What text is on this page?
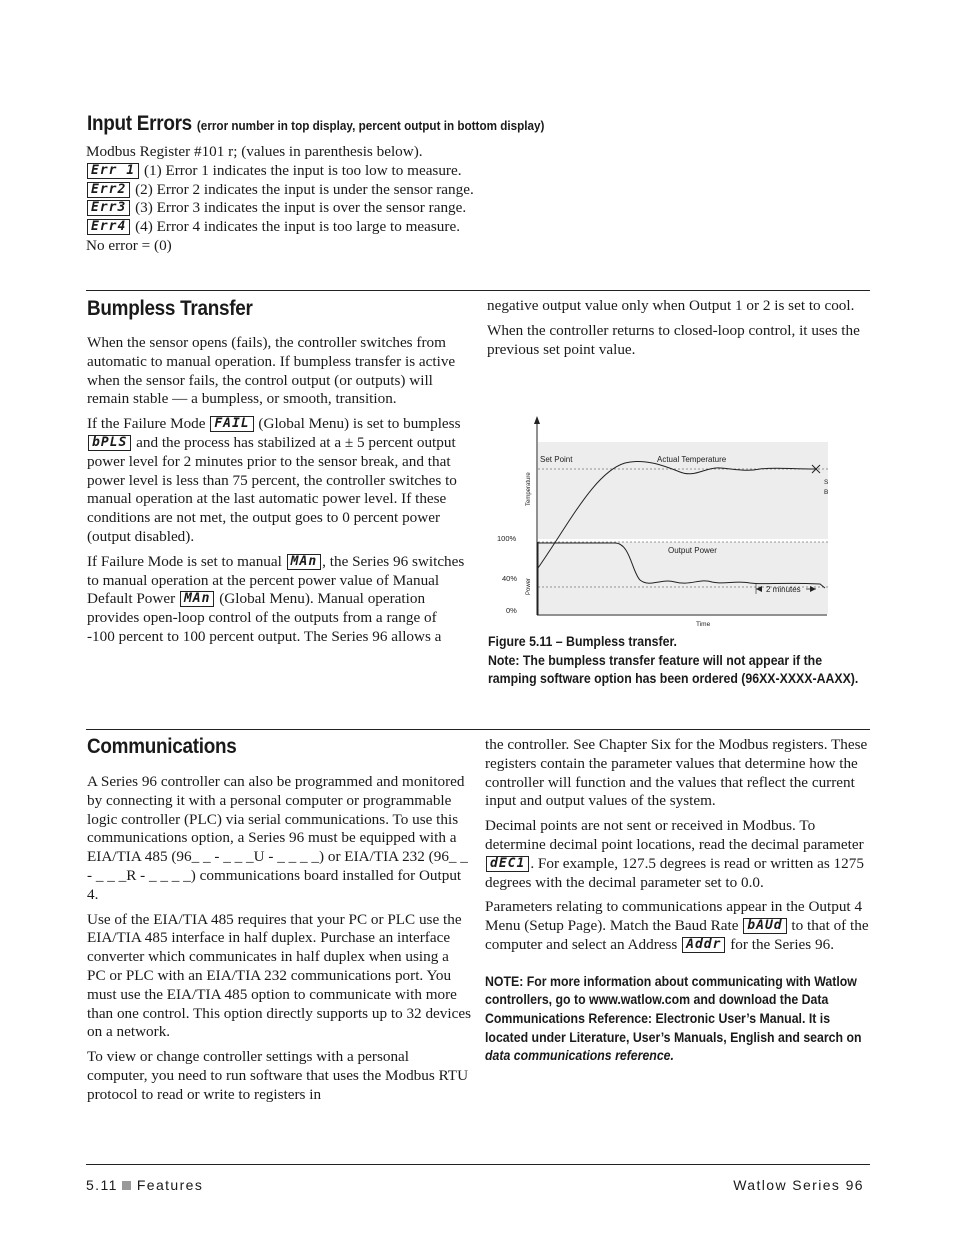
Input Errors (error number in top display, percent output in bottom display)

Modbus Register #101 r; (values in parenthesis below).

Err 1 (1) Error 1 indicates the input is too low to measure.

Err2 (2) Error 2 indicates the input is under the sensor range.

Err3 (3) Error 3 indicates the input is over the sensor range.

Err4 (4) Error 4 indicates the input is too large to measure.

No error = (0)

Bumpless Transfer

When the sensor opens (fails), the controller switches from automatic to manual operation. If bumpless transfer is active when the sensor fails, the control output (or outputs) will remain stable — a bumpless, or smooth, transition.

If the Failure Mode FAIL (Global Menu) is set to bumpless bPLS and the process has stabilized at a ± 5 percent output power level for 2 minutes prior to the sensor break, and that power level is less than 75 percent, the controller switches to manual operation at the last automatic power level. If these conditions are not met, the output goes to 0 percent power (output disabled).

If Failure Mode is set to manual MAn , the Series 96 switches to manual operation at the percent power value of Manual Default Power MAn (Global Menu). Manual operation provides open-loop control of the outputs from a range of -100 percent to 100 percent output. The Series 96 allows a

negative output value only when Output 1 or 2 is set to cool.

When the controller returns to closed-loop control, it uses the previous set point value.

Set Point	Actual Temperature
Output Power
100%
40%
0%
2 minutes
Time
S
B
Temperature
Power

Figure 5.11 – Bumpless transfer.

Note: The bumpless transfer feature will not appear if the ramping software option has been ordered (96XX-XXXX-AAXX).

Communications

A Series 96 controller can also be programmed and monitored by connecting it with a personal computer or programmable logic controller (PLC) via serial communications. To use this communications option, a Series 96 must be equipped with a EIA/TIA 485 (96_ _ - _ _ _U - _ _ _ _) or EIA/TIA 232 (96_ _ - _ _ _R - _ _ _ _) communications board installed for Output 4.

Use of the EIA/TIA 485 requires that your PC or PLC use the EIA/TIA 485 interface in half duplex. Purchase an interface converter which communicates in half duplex when using a PC or PLC with an EIA/TIA 232 communications port. You must use the EIA/TIA 485 option to communicate with more than one control. This option directly supports up to 32 devices on a network.

To view or change controller settings with a personal computer, you need to run software that uses the Modbus RTU protocol to read or write to registers in

the controller. See Chapter Six for the Modbus registers. These registers contain the parameter values that determine how the controller will function and the values that reflect the current input and output values of the system.

Decimal points are not sent or received in Modbus. To determine decimal point locations, read the decimal parameter dEC1 . For example, 127.5 degrees is read or written as 1275 degrees with the decimal parameter set to 0.0.

Parameters relating to communications appear in the Output 4 Menu (Setup Page). Match the Baud Rate bAUd to that of the computer and select an Address Addr for the Series 96.

NOTE: For more information about communicating with Watlow controllers, go to www.watlow.com and download the Data Communications Reference: Electronic User’s Manual. It is located under Literature, User’s Manuals, English and search on data communications reference.

5.11 Features	Watlow Series 96
